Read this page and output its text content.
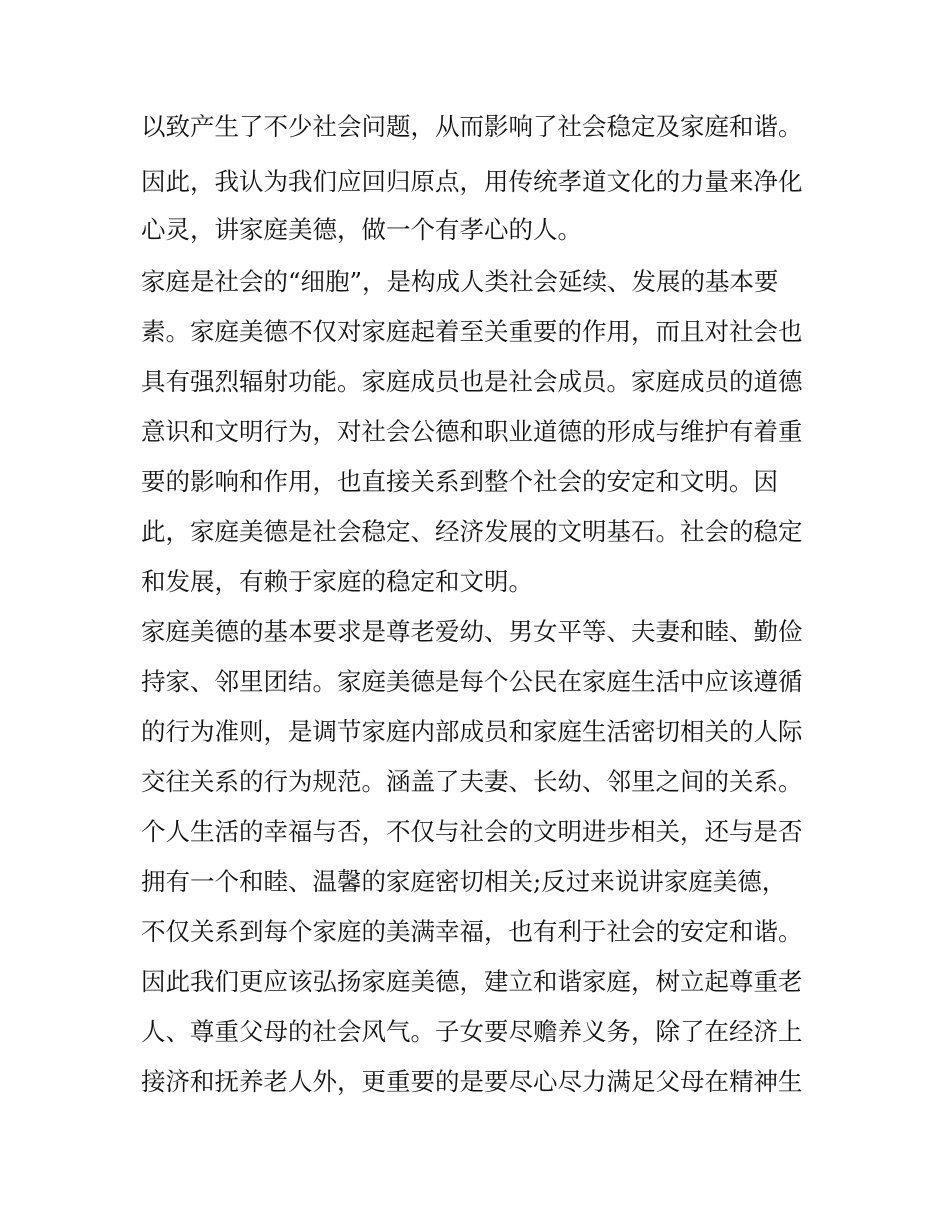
以致产生了不少社会问题，从而影响了社会稳定及家庭和谐。
因此，我认为我们应回归原点，用传统孝道文化的力量来净化
心灵，讲家庭美德，做一个有孝心的人。
家庭是社会的“细胞”，是构成人类社会延续、发展的基本要
素。家庭美德不仅对家庭起着至关重要的作用，而且对社会也
具有强烈辐射功能。家庭成员也是社会成员。家庭成员的道德
意识和文明行为，对社会公德和职业道德的形成与维护有着重
要的影响和作用，也直接关系到整个社会的安定和文明。因
此，家庭美德是社会稳定、经济发展的文明基石。社会的稳定
和发展，有赖于家庭的稳定和文明。
家庭美德的基本要求是尊老爱幼、男女平等、夫妻和睦、勤俭
持家、邻里团结。家庭美德是每个公民在家庭生活中应该遵循
的行为准则，是调节家庭内部成员和家庭生活密切相关的人际
交往关系的行为规范。涵盖了夫妻、长幼、邻里之间的关系。
个人生活的幸福与否，不仅与社会的文明进步相关，还与是否
拥有一个和睦、温馨的家庭密切相关;反过来说讲家庭美德，
不仅关系到每个家庭的美满幸福，也有利于社会的安定和谐。
因此我们更应该弘扬家庭美德，建立和谐家庭，树立起尊重老
人、尊重父母的社会风气。子女要尽赡养义务，除了在经济上
接济和抚养老人外，更重要的是要尽心尽力满足父母在精神生
